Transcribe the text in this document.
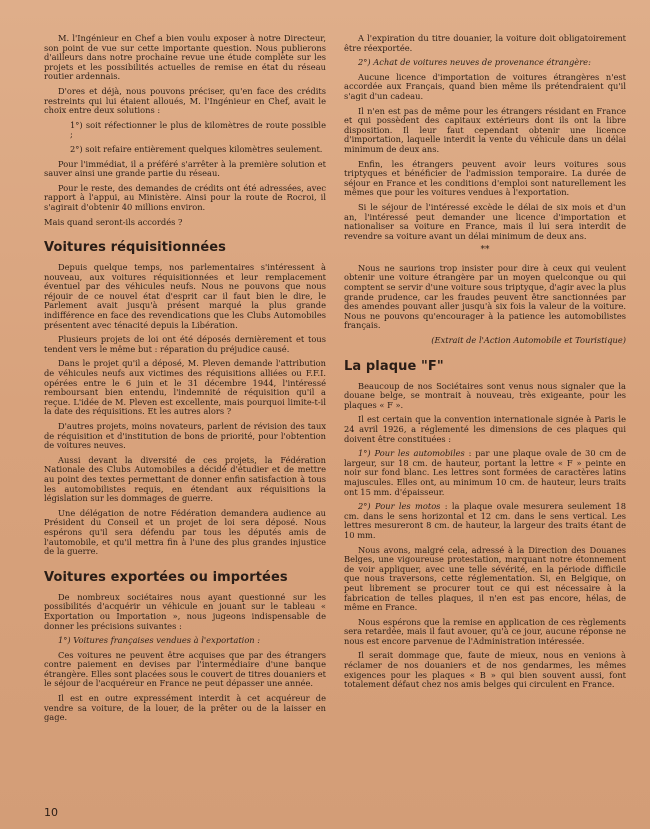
M. l'Ingénieur en Chef a bien voulu exposer à notre Directeur, son point de vue sur cette importante question. Nous publierons d'ailleurs dans notre prochaine revue une étude complète sur les projets et les possibilités actuelles de remise en état du réseau routier ardennais.

D'ores et déjà, nous pouvons préciser, qu'en face des crédits restreints qui lui étaient alloués, M. l'Ingénieur en Chef, avait le choix entre deux solutions :

1°) soit réfectionner le plus de kilomètres de route possible ;

2°) soit refaire entièrement quelques kilomètres seulement.

Pour l'immédiat, il a préféré s'arrêter à la première solution et sauver ainsi une grande partie du réseau.

Pour le reste, des demandes de crédits ont été adressées, avec rapport à l'appui, au Ministère. Ainsi pour la route de Rocroi, il s'agirait d'obtenir 40 millions environ.

Mais quand seront-ils accordés ?

Voitures réquisitionnées

Depuis quelque temps, nos parlementaires s'intéressent à nouveau, aux voitures réquisitionnées et leur remplacement éventuel par des véhicules neufs. Nous ne pouvons que nous réjouir de ce nouvel état d'esprit car il faut bien le dire, le Parlement avait jusqu'à présent marqué la plus grande indifférence en face des revendications que les Clubs Automobiles présentent avec ténacité depuis la Libération.

Plusieurs projets de loi ont été déposés dernièrement et tous tendent vers le même but : réparation du préjudice causé.

Dans le projet qu'il a déposé, M. Pleven demande l'attribution de véhicules neufs aux victimes des réquisitions alliées ou F.F.I. opérées entre le 6 juin et le 31 décembre 1944, l'intéressé remboursant bien entendu, l'indemnité de réquisition qu'il a reçue. L'idée de M. Pleven est excellente, mais pourquoi limite-t-il la date des réquisitions. Et les autres alors ?

D'autres projets, moins novateurs, parlent de révision des taux de réquisition et d'institution de bons de priorité, pour l'obtention de voitures neuves.

Aussi devant la diversité de ces projets, la Fédération Nationale des Clubs Automobiles a décidé d'étudier et de mettre au point des textes permettant de donner enfin satisfaction à tous les automobilistes requis, en étendant aux réquisitions la législation sur les dommages de guerre.

Une délégation de notre Fédération demandera audience au Président du Conseil et un projet de loi sera déposé. Nous espérons qu'il sera défendu par tous les députés amis de l'automobile, et qu'il mettra fin à l'une des plus grandes injustice de la guerre.

Voitures exportées ou importées

De nombreux sociétaires nous ayant questionné sur les possibilités d'acquérir un véhicule en jouant sur le tableau « Exportation ou Importation », nous jugeons indispensable de donner les précisions suivantes :

1°) Voitures françaises vendues à l'exportation :

Ces voitures ne peuvent être acquises que par des étrangers contre paiement en devises par l'intermédiaire d'une banque étrangère. Elles sont placées sous le couvert de titres douaniers et le séjour de l'acquéreur en France ne peut dépasser une année.

Il est en outre expressément interdit à cet acquéreur de vendre sa voiture, de la louer, de la prêter ou de la laisser en gage.

A l'expiration du titre douanier, la voiture doit obligatoirement être réexportée.

2°) Achat de voitures neuves de provenance étrangère:

Aucune licence d'importation de voitures étrangères n'est accordée aux Français, quand bien même ils prétendraient qu'il s'agit d'un cadeau.

Il n'en est pas de même pour les étrangers résidant en France et qui possèdent des capitaux extérieurs dont ils ont la libre disposition. Il leur faut cependant obtenir une licence d'importation, laquelle interdit la vente du véhicule dans un délai minimum de deux ans.

Enfin, les étrangers peuvent avoir leurs voitures sous triptyques et bénéficier de l'admission temporaire. La durée de séjour en France et les conditions d'emploi sont naturellement les mêmes que pour les voitures vendues à l'exportation.

Si le séjour de l'intéressé excède le délai de six mois et d'un an, l'intéressé peut demander une licence d'importation et nationaliser sa voiture en France, mais il lui sera interdit de revendre sa voiture avant un délai minimum de deux ans.

**

Nous ne saurions trop insister pour dire à ceux qui veulent obtenir une voiture étrangère par un moyen quelconque ou qui comptent se servir d'une voiture sous triptyque, d'agir avec la plus grande prudence, car les fraudes peuvent être sanctionnées par des amendes pouvant aller jusqu'à six fois la valeur de la voiture. Nous ne pouvons qu'encourager à la patience les automobilistes français.

(Extrait de l'Action Automobile et Touristique)

La plaque "F"

Beaucoup de nos Sociétaires sont venus nous signaler que la douane belge, se montrait à nouveau, très exigeante, pour les plaques « F ».

Il est certain que la convention internationale signée à Paris le 24 avril 1926, a réglementé les dimensions de ces plaques qui doivent être constituées :

1°) Pour les automobiles : par une plaque ovale de 30 cm de largeur, sur 18 cm. de hauteur, portant la lettre « F » peinte en noir sur fond blanc. Les lettres sont formées de caractères latins majuscules. Elles ont, au minimum 10 cm. de hauteur, leurs traits ont 15 mm. d'épaisseur.

2°) Pour les motos : la plaque ovale mesurera seulement 18 cm. dans le sens horizontal et 12 cm. dans le sens vertical. Les lettres mesureront 8 cm. de hauteur, la largeur des traits étant de 10 mm.

Nous avons, malgré cela, adressé à la Direction des Douanes Belges, une vigoureuse protestation, marquant notre étonnement de voir appliquer, avec une telle sévérité, en la période difficile que nous traversons, cette réglementation. Si, en Belgique, on peut librement se procurer tout ce qui est nécessaire à la fabrication de telles plaques, il n'en est pas encore, hélas, de même en France.

Nous espérons que la remise en application de ces règlements sera retardée, mais il faut avouer, qu'à ce jour, aucune réponse ne nous est encore parvenue de l'Administration intéressée.

Il serait dommage que, faute de mieux, nous en venions à réclamer de nos douaniers et de nos gendarmes, les mêmes exigences pour les plaques « B » qui bien souvent aussi, font totalement défaut chez nos amis belges qui circulent en France.

10
